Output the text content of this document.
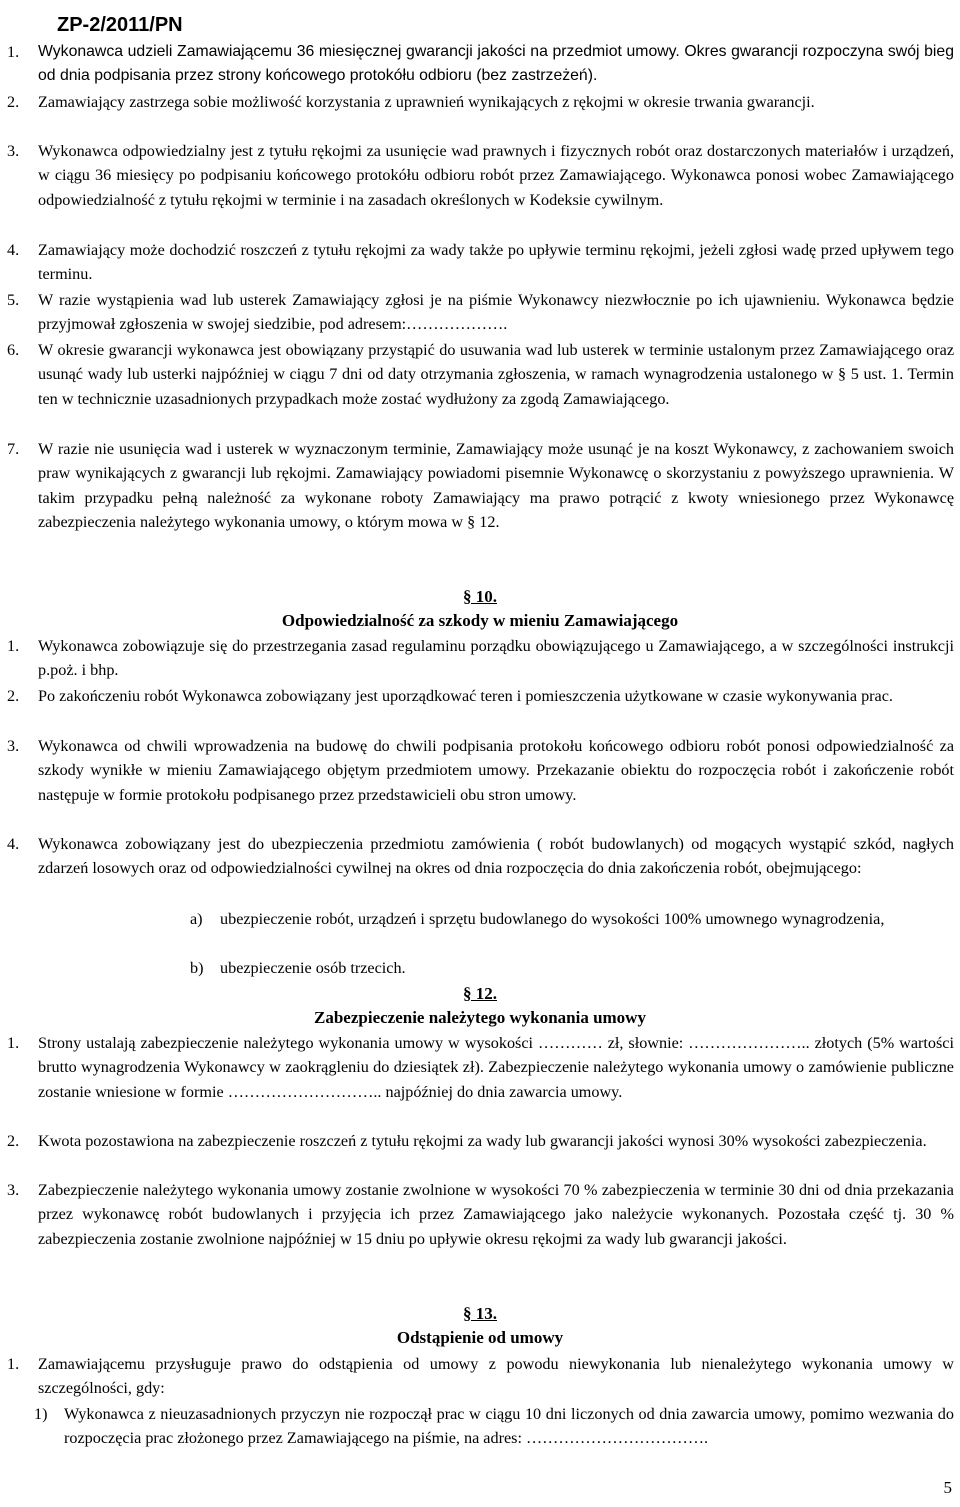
ZP-2/2011/PN
1. Wykonawca udzieli Zamawiającemu 36 miesięcznej gwarancji jakości na przedmiot umowy. Okres gwarancji rozpoczyna swój bieg od dnia podpisania przez strony końcowego protokółu odbioru (bez zastrzeżeń).
2. Zamawiający zastrzega sobie możliwość korzystania z uprawnień wynikających z rękojmi w okresie trwania gwarancji.
3. Wykonawca odpowiedzialny jest z tytułu rękojmi za usunięcie wad prawnych i fizycznych robót oraz dostarczonych materiałów i urządzeń, w ciągu 36 miesięcy po podpisaniu końcowego protokółu odbioru robót przez Zamawiającego. Wykonawca ponosi wobec Zamawiającego odpowiedzialność z tytułu rękojmi w terminie i na zasadach określonych w Kodeksie cywilnym.
4. Zamawiający może dochodzić roszczeń z tytułu rękojmi za wady także po upływie terminu rękojmi, jeżeli zgłosi wadę przed upływem tego terminu.
5. W razie wystąpienia wad lub usterek Zamawiający zgłosi je na piśmie Wykonawcy niezwłocznie po ich ujawnieniu. Wykonawca będzie przyjmował zgłoszenia w swojej siedzibie, pod adresem:……………….
6. W okresie gwarancji wykonawca jest obowiązany przystąpić do usuwania wad lub usterek w terminie ustalonym przez Zamawiającego oraz usunąć wady lub usterki najpóźniej w ciągu 7 dni od daty otrzymania zgłoszenia, w ramach wynagrodzenia ustalonego w § 5 ust. 1. Termin ten w technicznie uzasadnionych przypadkach może zostać wydłużony za zgodą Zamawiającego.
7. W razie nie usunięcia wad i usterek w wyznaczonym terminie, Zamawiający może usunąć je na koszt Wykonawcy, z zachowaniem swoich praw wynikających z gwarancji lub rękojmi. Zamawiający powiadomi pisemnie Wykonawcę o skorzystaniu z powyższego uprawnienia. W takim przypadku pełną należność za wykonane roboty Zamawiający ma prawo potrącić z kwoty wniesionego przez Wykonawcę zabezpieczenia należytego wykonania umowy, o którym mowa w § 12.
§ 10.
Odpowiedzialność za szkody w mieniu Zamawiającego
1. Wykonawca zobowiązuje się do przestrzegania zasad regulaminu porządku obowiązującego u Zamawiającego, a w szczególności instrukcji p.poż. i bhp.
2. Po zakończeniu robót Wykonawca zobowiązany jest uporządkować teren i pomieszczenia użytkowane w czasie wykonywania prac.
3. Wykonawca od chwili wprowadzenia na budowę do chwili podpisania protokołu końcowego odbioru robót ponosi odpowiedzialność za szkody wynikłe w mieniu Zamawiającego objętym przedmiotem umowy. Przekazanie obiektu do rozpoczęcia robót i zakończenie robót następuje w formie protokołu podpisanego przez przedstawicieli obu stron umowy.
4. Wykonawca zobowiązany jest do ubezpieczenia przedmiotu zamówienia ( robót budowlanych) od mogących wystąpić szkód, nagłych zdarzeń losowych oraz od odpowiedzialności cywilnej na okres od dnia rozpoczęcia do dnia zakończenia robót, obejmującego:
a) ubezpieczenie robót, urządzeń i sprzętu budowlanego do wysokości 100% umownego wynagrodzenia,
b) ubezpieczenie osób trzecich.
§ 12.
Zabezpieczenie należytego wykonania umowy
1. Strony ustalają zabezpieczenie należytego wykonania umowy w wysokości ………… zł, słownie: ………………….. złotych (5% wartości brutto wynagrodzenia Wykonawcy w zaokrągleniu do dziesiątek zł). Zabezpieczenie należytego wykonania umowy o zamówienie publiczne zostanie wniesione w formie ……………………….. najpóźniej do dnia zawarcia umowy.
2. Kwota pozostawiona na zabezpieczenie roszczeń z tytułu rękojmi za wady lub gwarancji jakości wynosi 30% wysokości zabezpieczenia.
3. Zabezpieczenie należytego wykonania umowy zostanie zwolnione w wysokości 70 % zabezpieczenia w terminie 30 dni od dnia przekazania przez wykonawcę robót budowlanych i przyjęcia ich przez Zamawiającego jako należycie wykonanych. Pozostała część tj. 30 % zabezpieczenia zostanie zwolnione najpóźniej w 15 dniu po upływie okresu rękojmi za wady lub gwarancji jakości.
§ 13.
Odstąpienie od umowy
1. Zamawiającemu przysługuje prawo do odstąpienia od umowy z powodu niewykonania lub nienależytego wykonania umowy w szczególności, gdy:
1) Wykonawca z nieuzasadnionych przyczyn nie rozpoczął prac w ciągu 10 dni liczonych od dnia zawarcia umowy, pomimo wezwania do rozpoczęcia prac złożonego przez Zamawiającego na piśmie, na adres: …………………………….
5
